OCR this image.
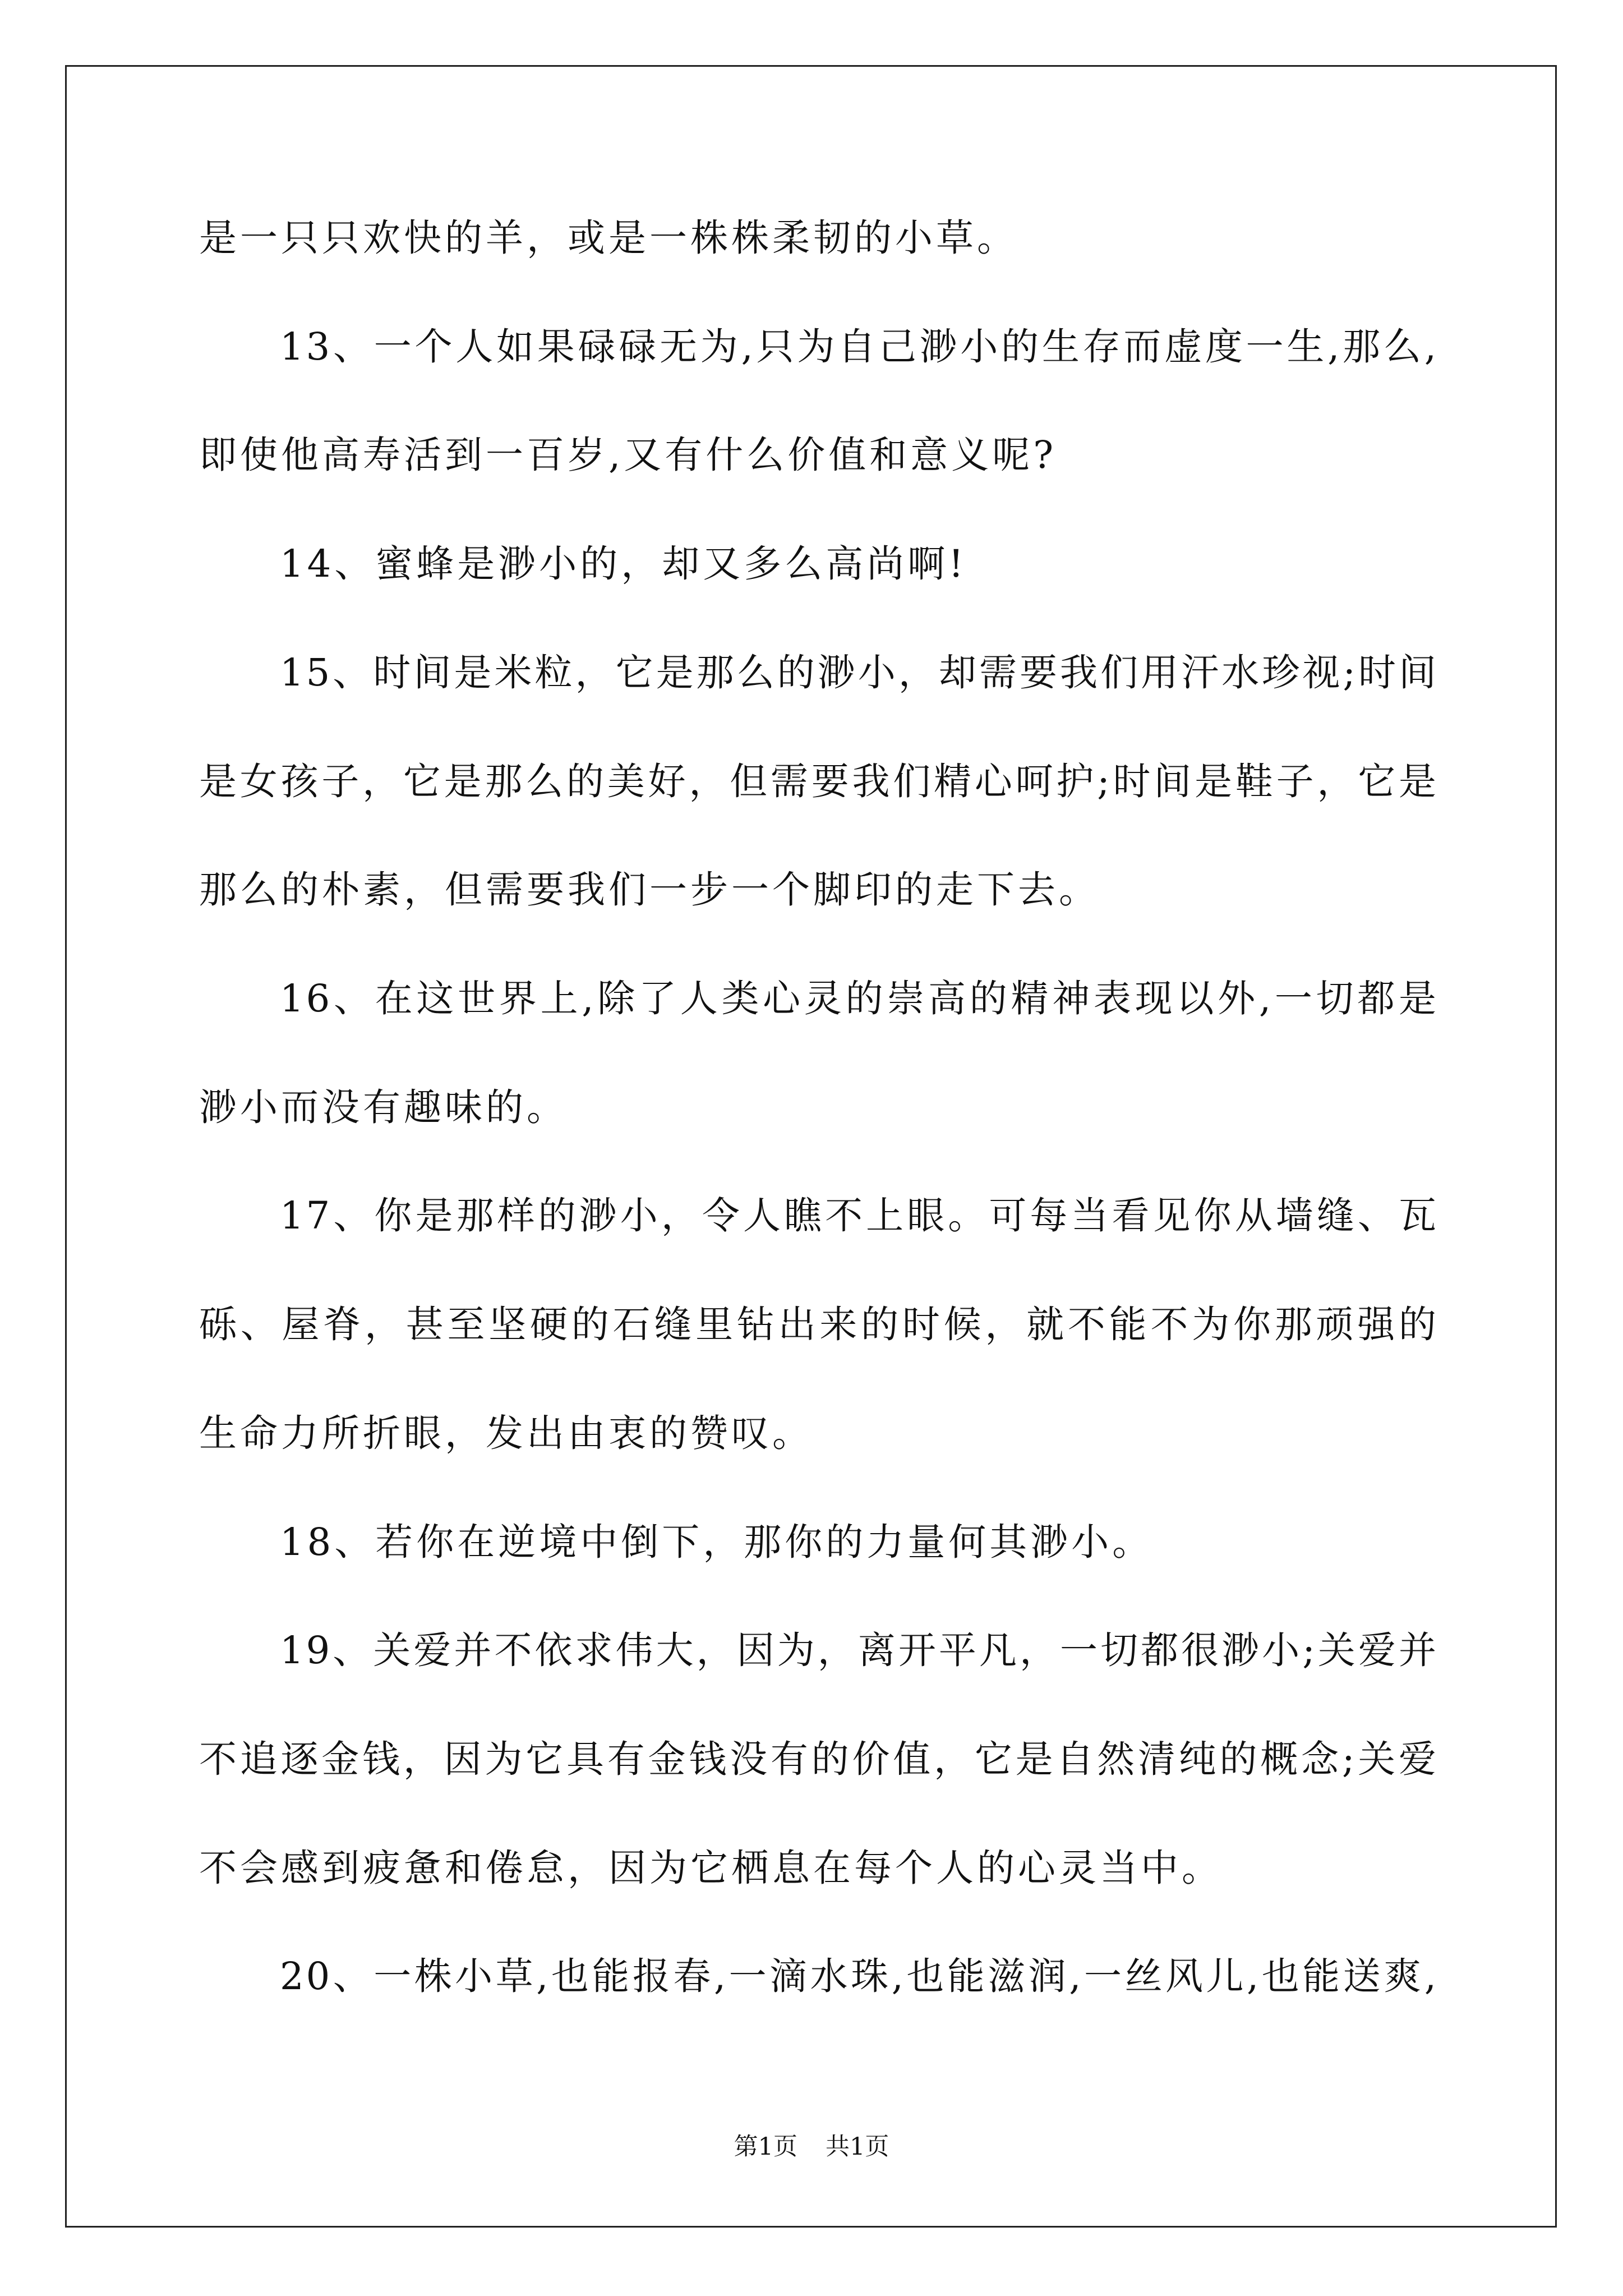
是一只只欢快的羊，或是一株株柔韧的小草。
13、一个人如果碌碌无为,只为自己渺小的生存而虚度一生,那么,
即使他高寿活到一百岁,又有什么价值和意义呢?
14、蜜蜂是渺小的，却又多么高尚啊!
15、时间是米粒，它是那么的渺小，却需要我们用汗水珍视;时间
是女孩子，它是那么的美好，但需要我们精心呵护;时间是鞋子，它是
那么的朴素，但需要我们一步一个脚印的走下去。
16、在这世界上,除了人类心灵的崇高的精神表现以外,一切都是
渺小而没有趣味的。
17、你是那样的渺小，令人瞧不上眼。可每当看见你从墙缝、瓦
砾、屋脊，甚至坚硬的石缝里钻出来的时候，就不能不为你那顽强的
生命力所折眼，发出由衷的赞叹。
18、若你在逆境中倒下，那你的力量何其渺小。
19、关爱并不依求伟大，因为，离开平凡，一切都很渺小;关爱并
不追逐金钱，因为它具有金钱没有的价值，它是自然清纯的概念;关爱
不会感到疲惫和倦怠，因为它栖息在每个人的心灵当中。
20、一株小草,也能报春,一滴水珠,也能滋润,一丝风儿,也能送爽,
第1页 共1页
